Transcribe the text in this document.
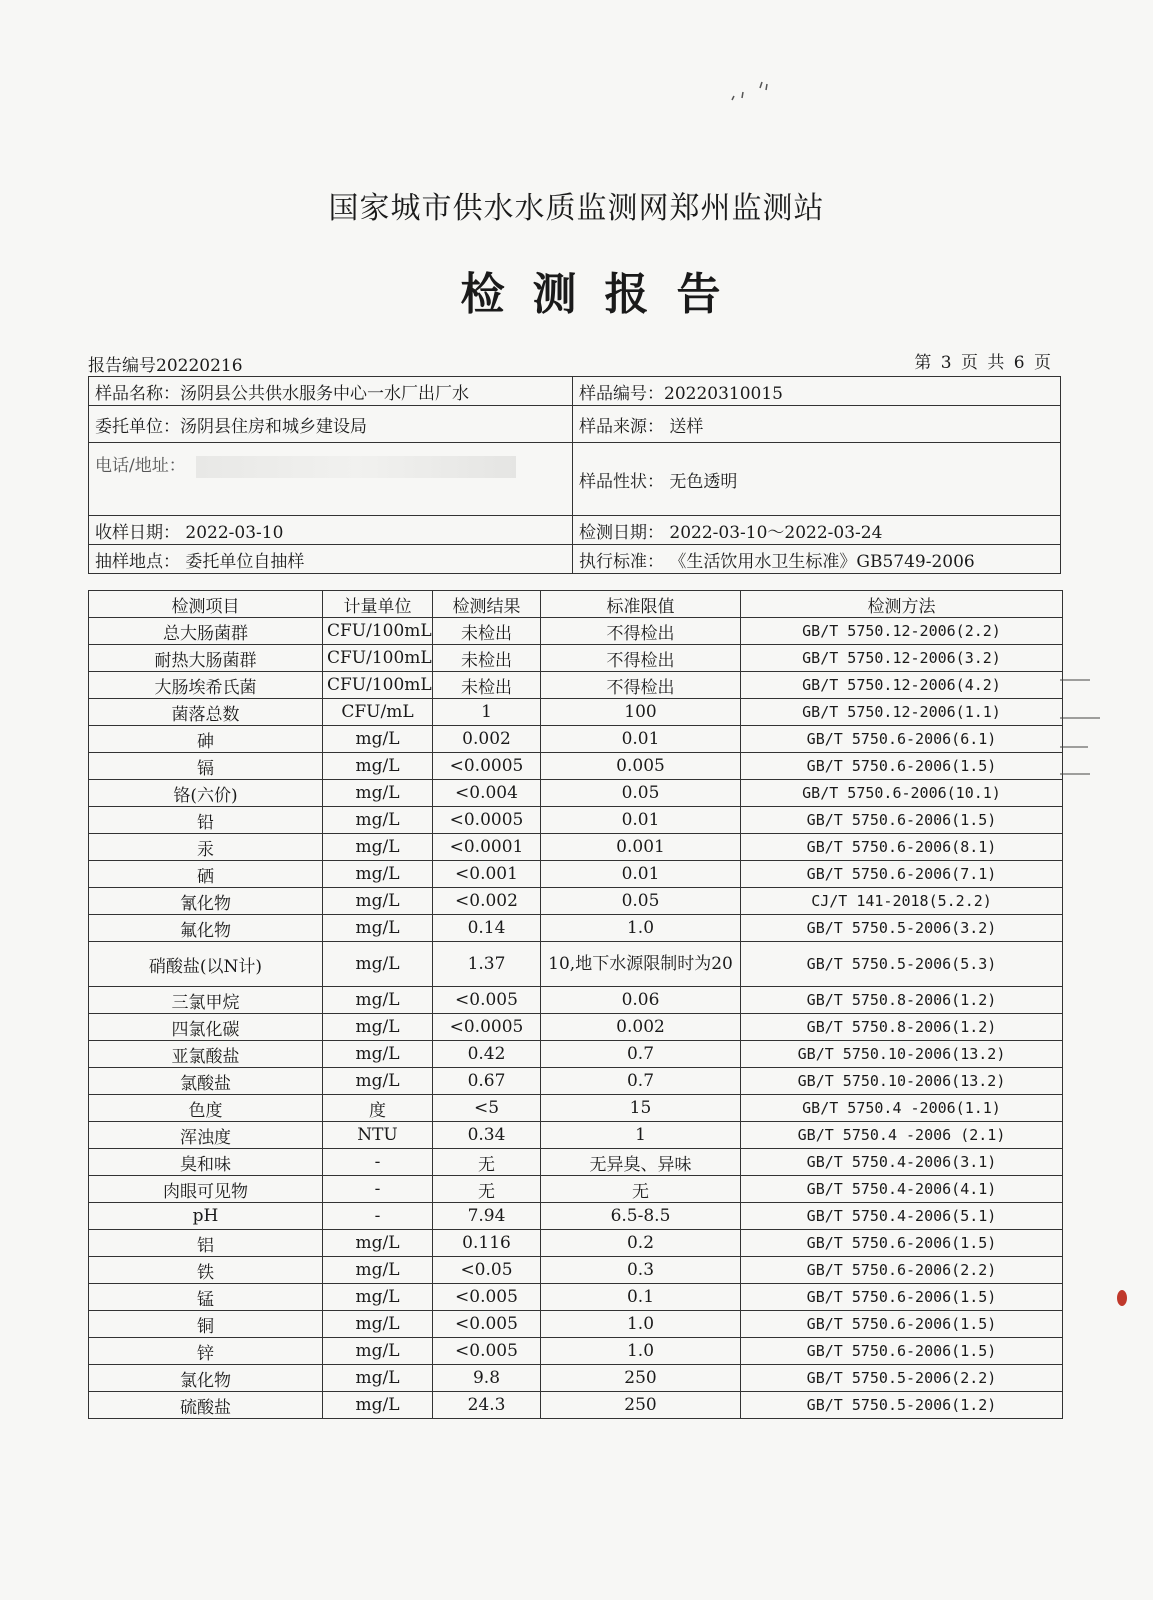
国家城市供水水质监测网郑州监测站
检测报告
报告编号20220216	第 3 页 共 6 页
样品名称：汤阴县公共供水服务中心一水厂出厂水	样品编号：20220310015
委托单位：汤阴县住房和城乡建设局	样品来源： 送样
电话/地址：	样品性状： 无色透明
收样日期： 2022-03-10	检测日期： 2022-03-10～2022-03-24
抽样地点： 委托单位自抽样	执行标准： 《生活饮用水卫生标准》GB5749-2006
检测项目	计量单位	检测结果	标准限值	检测方法
总大肠菌群	CFU/100mL	未检出	不得检出	GB/T 5750.12-2006(2.2)
耐热大肠菌群	CFU/100mL	未检出	不得检出	GB/T 5750.12-2006(3.2)
大肠埃希氏菌	CFU/100mL	未检出	不得检出	GB/T 5750.12-2006(4.2)
菌落总数	CFU/mL	1	100	GB/T 5750.12-2006(1.1)
砷	mg/L	0.002	0.01	GB/T 5750.6-2006(6.1)
镉	mg/L	<0.0005	0.005	GB/T 5750.6-2006(1.5)
铬(六价)	mg/L	<0.004	0.05	GB/T 5750.6-2006(10.1)
铅	mg/L	<0.0005	0.01	GB/T 5750.6-2006(1.5)
汞	mg/L	<0.0001	0.001	GB/T 5750.6-2006(8.1)
硒	mg/L	<0.001	0.01	GB/T 5750.6-2006(7.1)
氰化物	mg/L	<0.002	0.05	CJ/T 141-2018(5.2.2)
氟化物	mg/L	0.14	1.0	GB/T 5750.5-2006(3.2)
硝酸盐(以N计)	mg/L	1.37	10,地下水源限制时为20	GB/T 5750.5-2006(5.3)
三氯甲烷	mg/L	<0.005	0.06	GB/T 5750.8-2006(1.2)
四氯化碳	mg/L	<0.0005	0.002	GB/T 5750.8-2006(1.2)
亚氯酸盐	mg/L	0.42	0.7	GB/T 5750.10-2006(13.2)
氯酸盐	mg/L	0.67	0.7	GB/T 5750.10-2006(13.2)
色度	度	<5	15	GB/T 5750.4 -2006(1.1)
浑浊度	NTU	0.34	1	GB/T 5750.4 -2006 (2.1)
臭和味	-	无	无异臭、异味	GB/T 5750.4-2006(3.1)
肉眼可见物	-	无	无	GB/T 5750.4-2006(4.1)
pH	-	7.94	6.5-8.5	GB/T 5750.4-2006(5.1)
铝	mg/L	0.116	0.2	GB/T 5750.6-2006(1.5)
铁	mg/L	<0.05	0.3	GB/T 5750.6-2006(2.2)
锰	mg/L	<0.005	0.1	GB/T 5750.6-2006(1.5)
铜	mg/L	<0.005	1.0	GB/T 5750.6-2006(1.5)
锌	mg/L	<0.005	1.0	GB/T 5750.6-2006(1.5)
氯化物	mg/L	9.8	250	GB/T 5750.5-2006(2.2)
硫酸盐	mg/L	24.3	250	GB/T 5750.5-2006(1.2)
